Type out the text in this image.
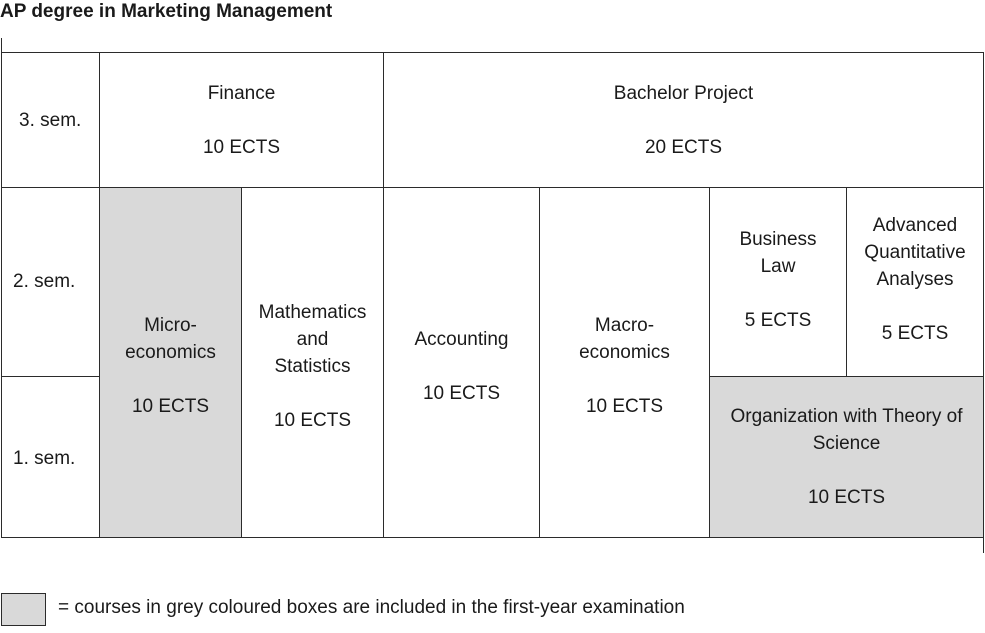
AP degree in Marketing Management
3. sem.
2. sem.
1. sem.
Finance
10 ECTS
Bachelor Project
20 ECTS
Micro-
economics
10 ECTS
Mathematics
and
Statistics
10 ECTS
Accounting
10 ECTS
Macro-
economics
10 ECTS
Business
Law
5 ECTS
Advanced
Quantitative
Analyses
5 ECTS
Organization with Theory of
Science
10 ECTS
= courses in grey coloured boxes are included in the first-year examination
